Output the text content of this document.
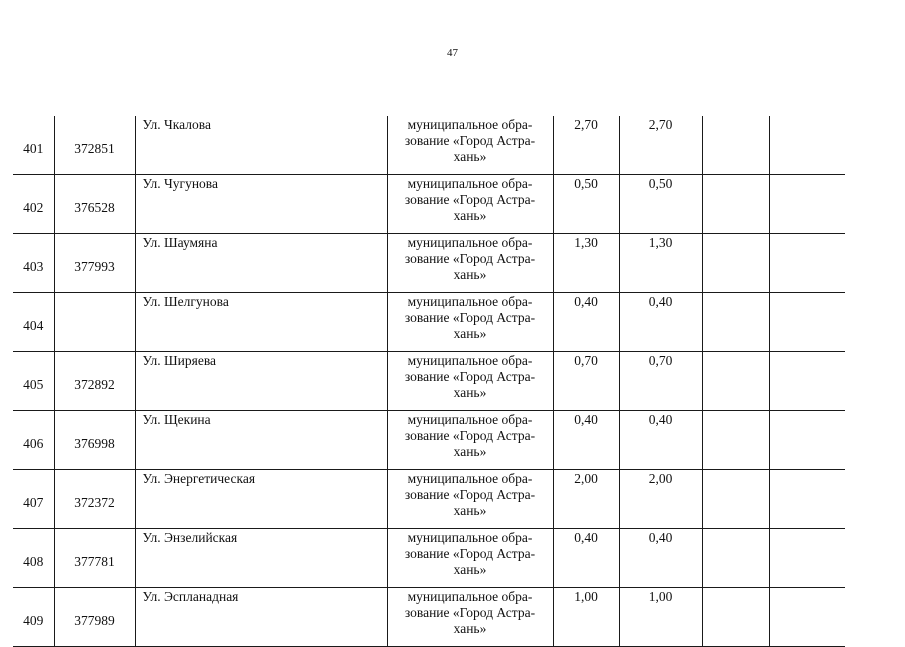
47
401	372851	Ул. Чкалова	муниципальное обра-
зование «Город Астра-
хань»	2,70	2,70		
402	376528	Ул. Чугунова	муниципальное обра-
зование «Город Астра-
хань»	0,50	0,50		
403	377993	Ул. Шаумяна	муниципальное обра-
зование «Город Астра-
хань»	1,30	1,30		
404		Ул. Шелгунова	муниципальное обра-
зование «Город Астра-
хань»	0,40	0,40		
405	372892	Ул. Ширяева	муниципальное обра-
зование «Город Астра-
хань»	0,70	0,70		
406	376998	Ул. Щекина	муниципальное обра-
зование «Город Астра-
хань»	0,40	0,40		
407	372372	Ул. Энергетическая	муниципальное обра-
зование «Город Астра-
хань»	2,00	2,00		
408	377781	Ул. Энзелийская	муниципальное обра-
зование «Город Астра-
хань»	0,40	0,40		
409	377989	Ул. Эспланадная	муниципальное обра-
зование «Город Астра-
хань»	1,00	1,00		
